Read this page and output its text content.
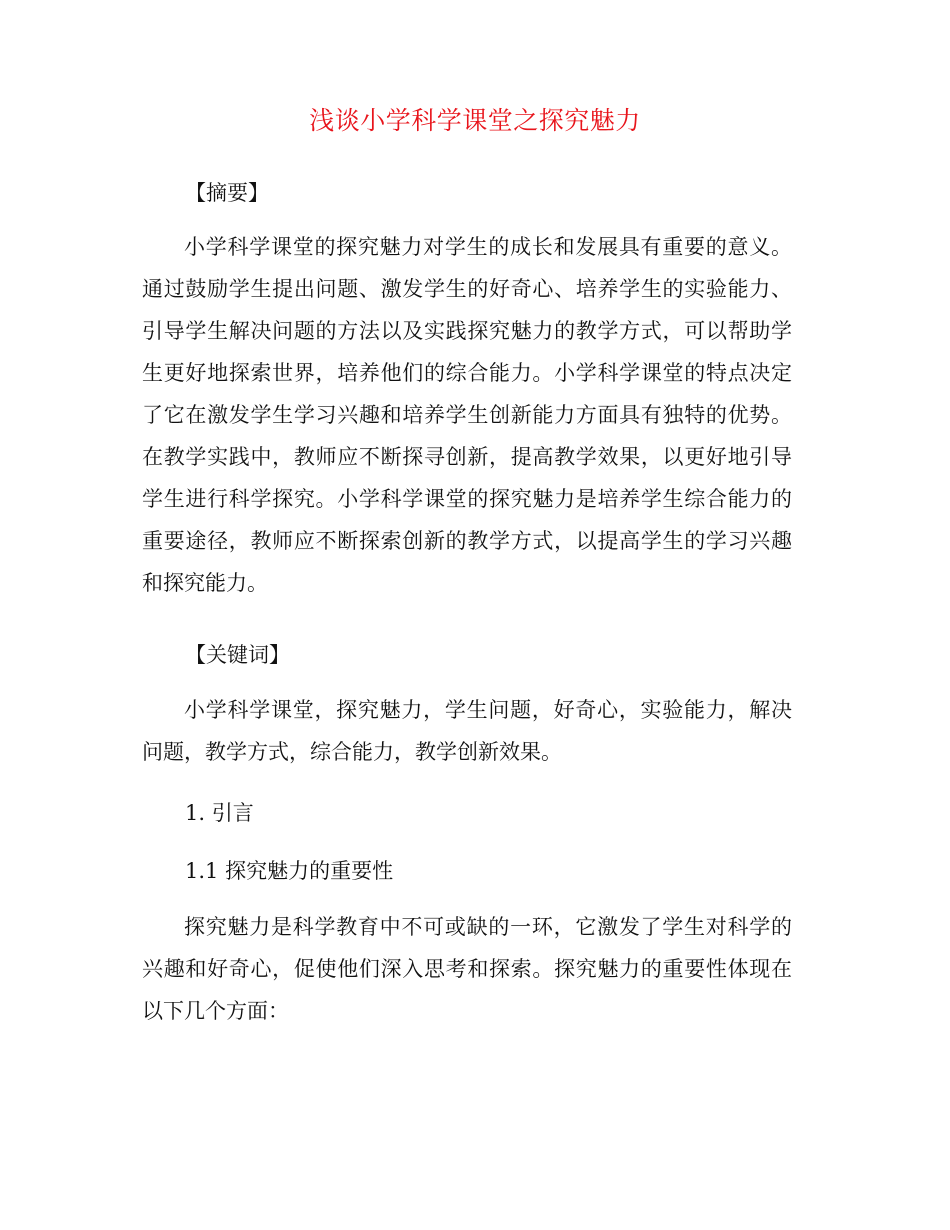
浅谈小学科学课堂之探究魅力
【摘要】

小学科学课堂的探究魅力对学生的成长和发展具有重要的意义。通过鼓励学生提出问题、激发学生的好奇心、培养学生的实验能力、引导学生解决问题的方法以及实践探究魅力的教学方式，可以帮助学生更好地探索世界，培养他们的综合能力。小学科学课堂的特点决定了它在激发学生学习兴趣和培养学生创新能力方面具有独特的优势。在教学实践中，教师应不断探寻创新，提高教学效果，以更好地引导学生进行科学探究。小学科学课堂的探究魅力是培养学生综合能力的重要途径，教师应不断探索创新的教学方式，以提高学生的学习兴趣和探究能力。

【关键词】

小学科学课堂，探究魅力，学生问题，好奇心，实验能力，解决问题，教学方式，综合能力，教学创新效果。

1. 引言
1.1 探究魅力的重要性

探究魅力是科学教育中不可或缺的一环，它激发了学生对科学的兴趣和好奇心，促使他们深入思考和探索。探究魅力的重要性体现在以下几个方面：
